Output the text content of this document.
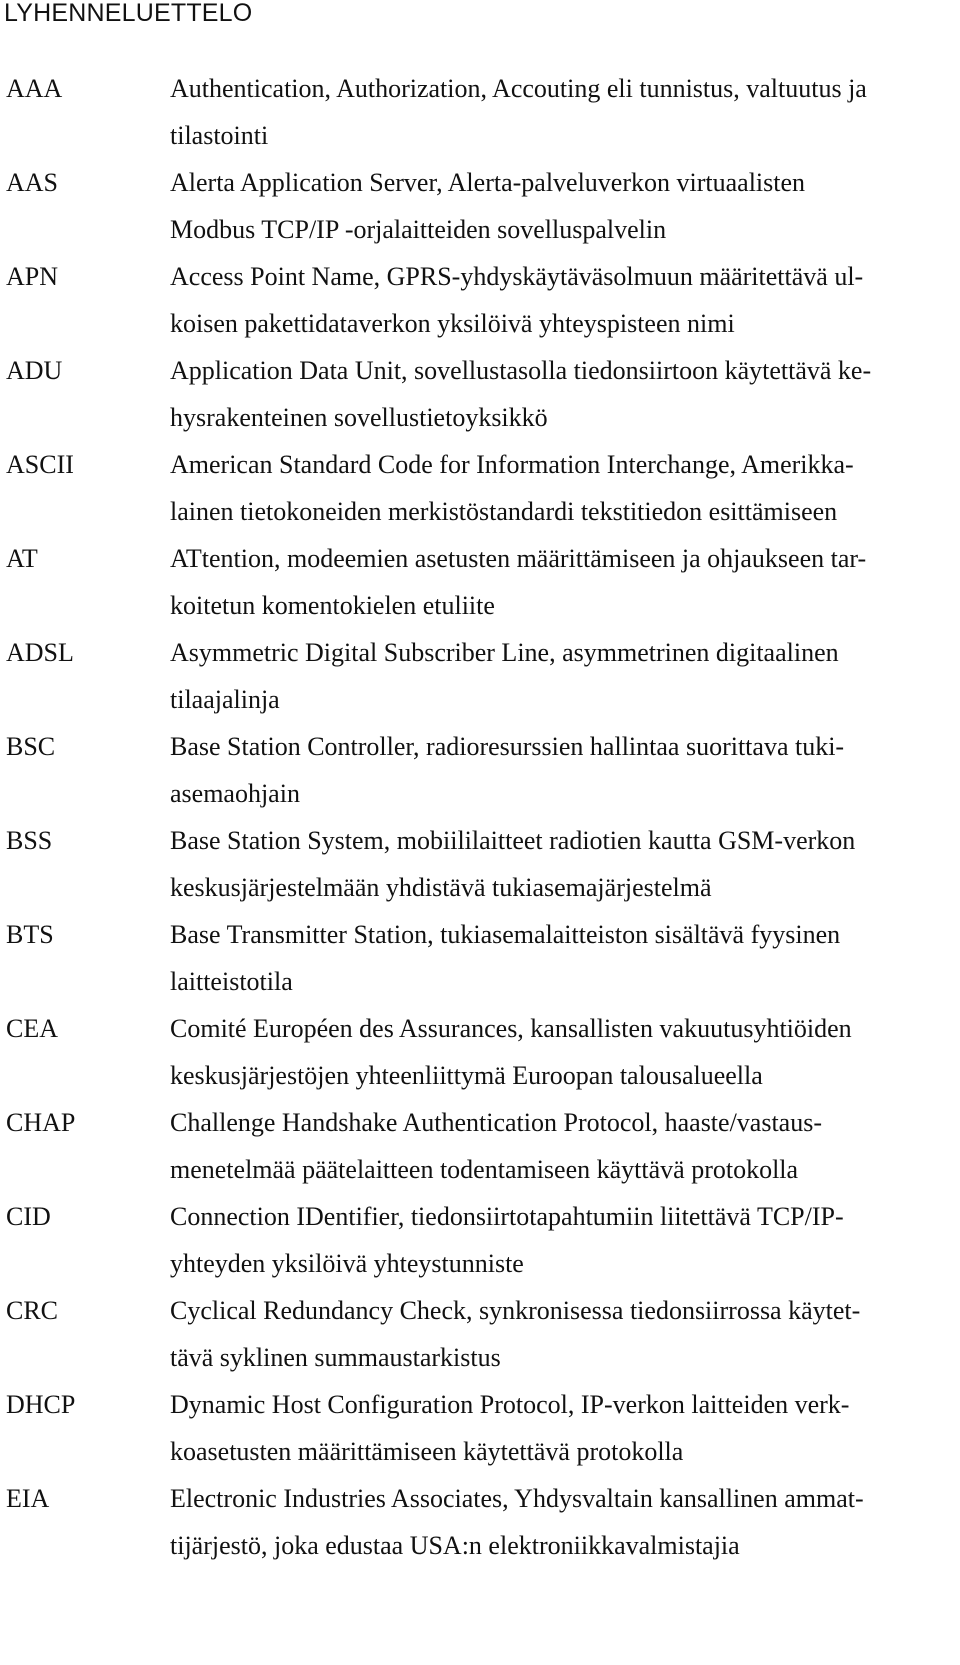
LYHENNELUETTELO
AAA	Authentication, Authorization, Accouting eli tunnistus, valtuutus ja
tilastointi
AAS	Alerta Application Server, Alerta-palveluverkon virtuaalisten
Modbus TCP/IP -orjalaitteiden sovelluspalvelin
APN	Access Point Name, GPRS-yhdyskäytäväsolmuun määritettävä ul-
koisen pakettidataverkon yksilöivä yhteyspisteen nimi
ADU	Application Data Unit, sovellustasolla tiedonsiirtoon käytettävä ke-
hysrakenteinen sovellustietoyksikkö
ASCII	American Standard Code for Information Interchange, Amerikka-
lainen tietokoneiden merkistöstandardi tekstitiedon esittämiseen
AT	ATtention, modeemien asetusten määrittämiseen ja ohjaukseen tar-
koitetun komentokielen etuliite
ADSL	Asymmetric Digital Subscriber Line, asymmetrinen digitaalinen
tilaajalinja
BSC	Base Station Controller, radioresurssien hallintaa suorittava tuki-
asemaohjain
BSS	Base Station System, mobiililaitteet radiotien kautta GSM-verkon
keskusjärjestelmään yhdistävä tukiasemajärjestelmä
BTS	Base Transmitter Station, tukiasemalaitteiston sisältävä fyysinen
laitteistotila
CEA	Comité Européen des Assurances, kansallisten vakuutusyhtiöiden
keskusjärjestöjen yhteenliittymä Euroopan talousalueella
CHAP	Challenge Handshake Authentication Protocol, haaste/vastaus-
menetelmää päätelaitteen todentamiseen käyttävä protokolla
CID	Connection IDentifier, tiedonsiirtotapahtumiin liitettävä TCP/IP-
yhteyden yksilöivä yhteystunniste
CRC	Cyclical Redundancy Check, synkronisessa tiedonsiirrossa käytet-
tävä syklinen summaustarkistus
DHCP	Dynamic Host Configuration Protocol, IP-verkon laitteiden verk-
koasetusten määrittämiseen käytettävä protokolla
EIA	Electronic Industries Associates, Yhdysvaltain kansallinen ammat-
tijärjestö, joka edustaa USA:n elektroniikkavalmistajia
